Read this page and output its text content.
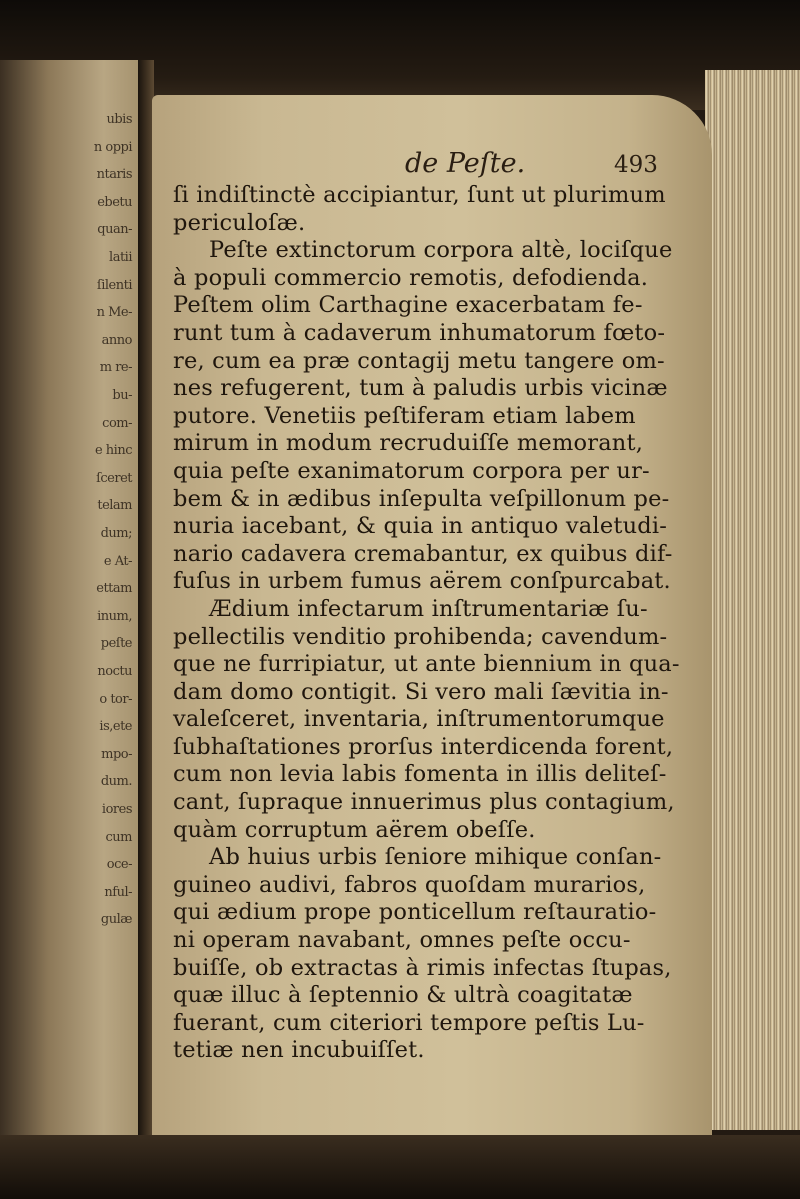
ubis
n oppi
ntaris
ebetu
quan-
latii
ſilenti
n Me-
anno
m re-
bu-
com-
e hinc
ſceret
telam
dum;
e At-
ettam
inum,
peſte
noctu
o tor-
is,ete
mpo-
dum.
iores
cum
oce-
nful-
gulæ
de Peſte.	493
ſi indiſtinctè accipiantur, ſunt ut plurimum
periculoſæ.
Peſte extinctorum corpora altè, lociſque
à populi commercio remotis, defodienda.
Peſtem olim Carthagine exacerbatam fe-
runt tum à cadaverum inhumatorum fœto-
re, cum ea præ contagij metu tangere om-
nes refugerent, tum à paludis urbis vicinæ
putore. Venetiis peſtiferam etiam labem
mirum in modum recruduiſſe memorant,
quia peſte exanimatorum corpora per ur-
bem & in ædibus inſepulta veſpillonum pe-
nuria iacebant, & quia in antiquo valetudi-
nario cadavera cremabantur, ex quibus dif-
fuſus in urbem fumus aërem conſpurcabat.
Ædium infectarum inſtrumentariæ ſu-
pellectilis venditio prohibenda; cavendum-
que ne furripiatur, ut ante biennium in qua-
dam domo contigit. Si vero mali ſævitia in-
valeſceret, inventaria, inſtrumentorumque
ſubhaſtationes prorſus interdicenda forent,
cum non levia labis fomenta in illis deliteſ-
cant, ſupraque innuerimus plus contagium,
quàm corruptum aërem obeſſe.
Ab huius urbis ſeniore mihique conſan-
guineo audivi, fabros quoſdam murarios,
qui ædium prope ponticellum reſtauratio-
ni operam navabant, omnes peſte occu-
buiſſe, ob extractas à rimis infectas ſtupas,
quæ illuc à ſeptennio & ultrà coagitatæ
fuerant, cum citeriori tempore peſtis Lu-
tetiæ nen incubuiſſet.
